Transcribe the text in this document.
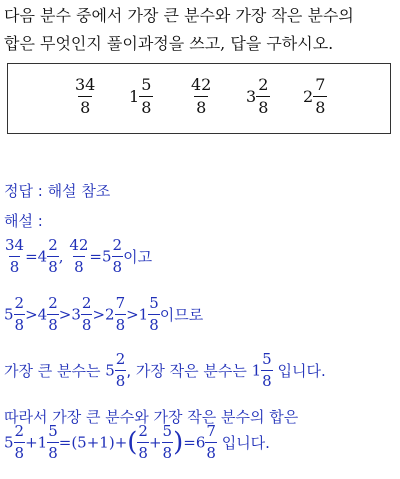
다음 분수 중에서 가장 큰 분수와 가장 작은 분수의
합은 무엇인지 풀이과정을 쓰고, 답을 구하시오.
$\frac{34}{8} 1 \frac{5}{8} \frac{42}{8} 3 \frac{2}{8} 2 \frac{7}{8}$
정답 : 해설 참조
해설 :
$\frac{34}{8} =4 \frac{2}{8}$ , $\frac{42}{8} =5 \frac{2}{8}$ 이고
$5 \frac{2}{8} >4 \frac{2}{8} >3 \frac{2}{8} >2 \frac{7}{8} >1 \frac{5}{8}$ 이므로
가장 큰 분수는 $5 \frac{2}{8}$ , 가장 작은 분수는 $1 \frac{5}{8}$ 입니다.
따라서 가장 큰 분수와 가장 작은 분수의 합은
$5 \frac{2}{8} +1 \frac{5}{8} =(5+1)+( \frac{2}{8} + \frac{5}{8} )=6 \frac{7}{8}$ 입니다.
